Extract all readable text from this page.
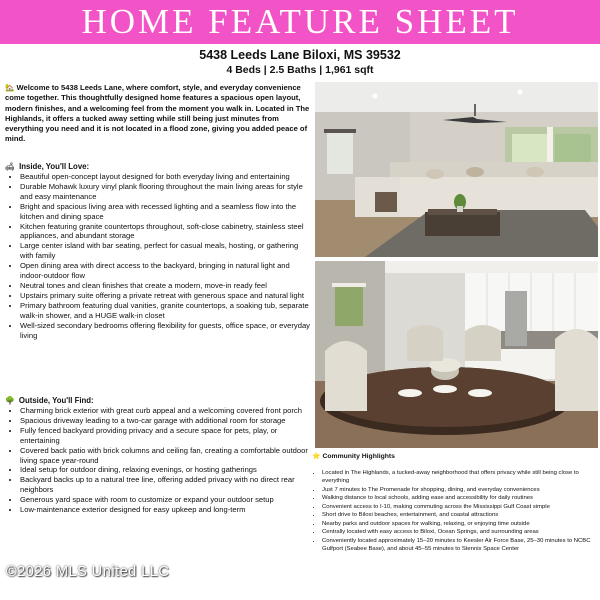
HOME FEATURE SHEET
5438 Leeds Lane Biloxi, MS 39532
4 Beds | 2.5 Baths | 1,961 sqft
🏡 Welcome to 5438 Leeds Lane, where comfort, style, and everyday convenience come together. This thoughtfully designed home features a spacious open layout, modern finishes, and a welcoming feel from the moment you walk in. Located in The Highlands, it offers a tucked away setting while still being just minutes from everything you need and it is not located in a flood zone, giving you added peace of mind.
🛋 Inside, You'll Love:
• Beautiful open-concept layout designed for both everyday living and entertaining
• Durable Mohawk luxury vinyl plank flooring throughout the main living areas for style and easy maintenance
• Bright and spacious living area with recessed lighting and a seamless flow into the kitchen and dining space
• Kitchen featuring granite countertops throughout, soft-close cabinetry, stainless steel appliances, and abundant storage
• Large center island with bar seating, perfect for casual meals, hosting, or gathering with family
• Open dining area with direct access to the backyard, bringing in natural light and indoor-outdoor flow
• Neutral tones and clean finishes that create a modern, move-in ready feel
• Upstairs primary suite offering a private retreat with generous space and natural light
• Primary bathroom featuring dual vanities, granite countertops, a soaking tub, separate walk-in shower, and a HUGE walk-in closet
• Well-sized secondary bedrooms offering flexibility for guests, office space, or everyday living
🌳 Outside, You'll Find:
• Charming brick exterior with great curb appeal and a welcoming covered front porch
• Spacious driveway leading to a two-car garage with additional room for storage
• Fully fenced backyard providing privacy and a secure space for pets, play, or entertaining
• Covered back patio with brick columns and ceiling fan, creating a comfortable outdoor living space year-round
• Ideal setup for outdoor dining, relaxing evenings, or hosting gatherings
• Backyard backs up to a natural tree line, offering added privacy with no direct rear neighbors
• Generous yard space with room to customize or expand your outdoor setup
• Low-maintenance exterior designed for easy upkeep and long-term
⭐ Community Highlights
• Located in The Highlands, a tucked-away neighborhood that offers privacy while still being close to everything
• Just 7 minutes to The Promenade for shopping, dining, and everyday conveniences
• Walking distance to local schools, adding ease and accessibility for daily routines
• Convenient access to I-10, making commuting across the Mississippi Gulf Coast simple
• Short drive to Biloxi beaches, entertainment, and coastal attractions
• Nearby parks and outdoor spaces for walking, relaxing, or enjoying time outside
• Centrally located with easy access to Biloxi, Ocean Springs, and surrounding areas
• Conveniently located approximately 15–20 minutes to Keesler Air Force Base, 25–30 minutes to NCBC Gulfport (Seabee Base), and about 45–55 minutes to Stennis Space Center
©2026 MLS United LLC
